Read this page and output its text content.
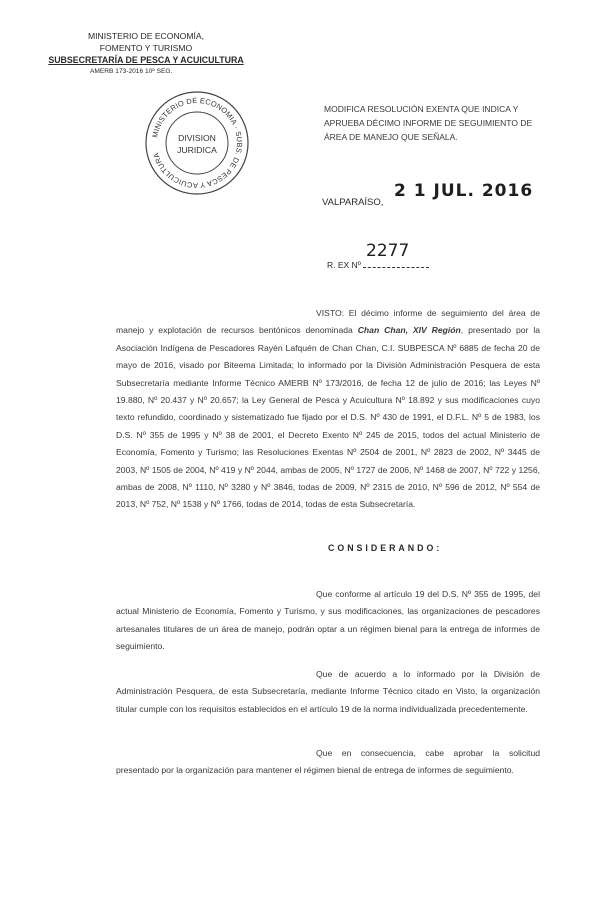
MINISTERIO DE ECONOMÍA,
FOMENTO Y TURISMO
SUBSECRETARÍA DE PESCA Y ACUICULTURA
AMERB 173-2016 10ª SEG.
MINISTERIO DE ECONOMIA · SUBS. DE PESCA Y ACUICULTURA
DIVISION
JURIDICA
MODIFICA RESOLUCIÓN EXENTA QUE INDICA Y APRUEBA DÉCIMO INFORME DE SEGUIMIENTO DE ÁREA DE MANEJO QUE SEÑALA.
VALPARAÍSO,
2 1 JUL. 2016
2277
R. EX Nº
VISTO: El décimo informe de seguimiento del área de manejo y explotación de recursos bentónicos denominada Chan Chan, XIV Región, presentado por la Asociación Indígena de Pescadores Rayén Lafquén de Chan Chan, C.I. SUBPESCA Nº 6885 de fecha 20 de mayo de 2016, visado por Biteema Limitada; lo informado por la División Administración Pesquera de esta Subsecretaría mediante Informe Técnico AMERB Nº 173/2016, de fecha 12 de julio de 2016; las Leyes Nº 19.880, Nº 20.437 y Nº 20.657; la Ley General de Pesca y Acuicultura Nº 18.892 y sus modificaciones cuyo texto refundido, coordinado y sistematizado fue fijado por el D.S. Nº 430 de 1991, el D.F.L. Nº 5 de 1983, los D.S. Nº 355 de 1995 y Nº 38 de 2001, el Decreto Exento Nº 245 de 2015, todos del actual Ministerio de Economía, Fomento y Turismo; las Resoluciones Exentas Nº 2504 de 2001, Nº 2823 de 2002, Nº 3445 de 2003, Nº 1505 de 2004, Nº 419 y Nº 2044, ambas de 2005, Nº 1727 de 2006, Nº 1468 de 2007, Nº 722 y 1256, ambas de 2008, Nº 1110, Nº 3280 y Nº 3846, todas de 2009, Nº 2315 de 2010, Nº 596 de 2012, Nº 554 de 2013, Nº 752, Nº 1538 y Nº 1766, todas de 2014, todas de esta Subsecretaría.
CONSIDERANDO:
Que conforme al artículo 19 del D.S. Nº 355 de 1995, del actual Ministerio de Economía, Fomento y Turismo, y sus modificaciones, las organizaciones de pescadores artesanales titulares de un área de manejo, podrán optar a un régimen bienal para la entrega de informes de seguimiento.
Que de acuerdo a lo informado por la División de Administración Pesquera, de esta Subsecretaría, mediante Informe Técnico citado en Visto, la organización titular cumple con los requisitos establecidos en el artículo 19 de la norma individualizada precedentemente.
Que en consecuencia, cabe aprobar la solicitud presentado por la organización para mantener el régimen bienal de entrega de informes de seguimiento.
